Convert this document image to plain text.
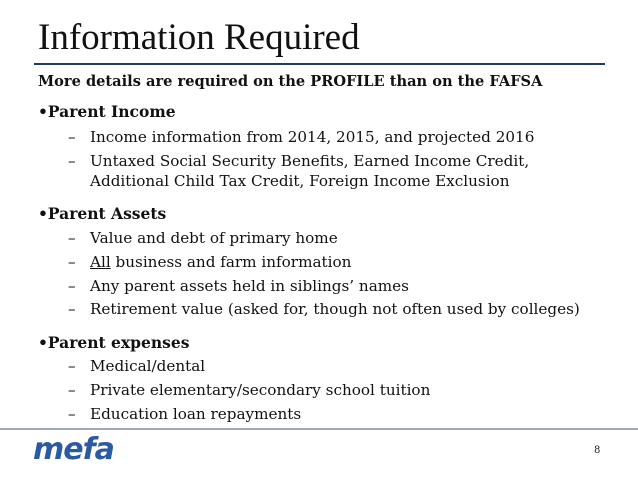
Information Required
More details are required on the PROFILE than on the FAFSA
•Parent Income
– Income information from 2014, 2015, and projected 2016
– Untaxed Social Security Benefits, Earned Income Credit,
Additional Child Tax Credit, Foreign Income Exclusion
•Parent Assets
– Value and debt of primary home
– All business and farm information
– Any parent assets held in siblings’ names
– Retirement value (asked for, though not often used by colleges)
•Parent expenses
– Medical/dental
– Private elementary/secondary school tuition
– Education loan repayments
mefa	8
